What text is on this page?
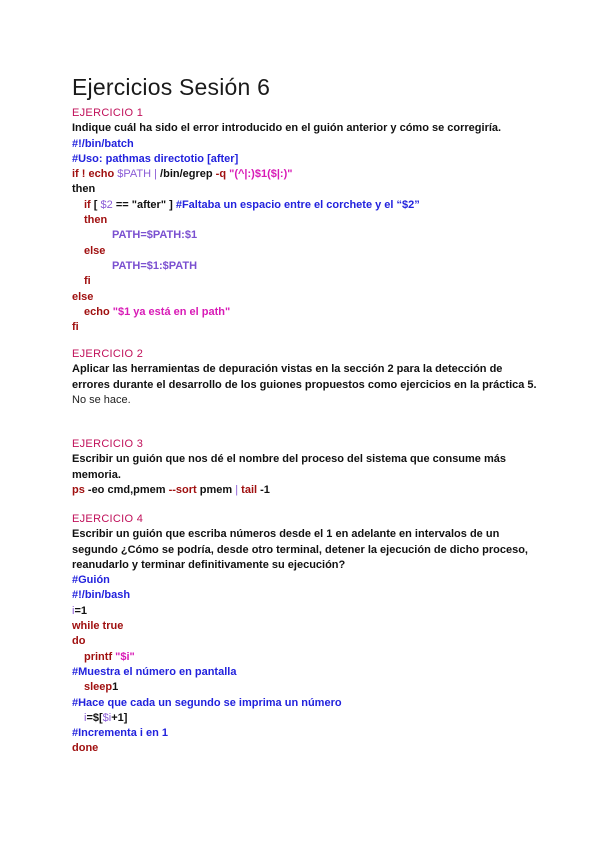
Ejercicios Sesión 6
EJERCICIO 1
Indique cuál ha sido el error introducido en el guión anterior y cómo se corregiría.
#!/bin/batch
#Uso: pathmas directotio [after]
if ! echo $PATH | /bin/egrep -q "(^|:)$1($|:)"
then
if [ $2 == "after" ] #Faltaba un espacio entre el corchete y el “$2”
then
PATH=$PATH:$1
else
PATH=$1:$PATH
fi
else
echo "$1 ya está en el path"
fi
EJERCICIO 2
Aplicar las herramientas de depuración vistas en la sección 2 para la detección de errores durante el desarrollo de los guiones propuestos como ejercicios en la práctica 5.
No se hace.
EJERCICIO 3
Escribir un guión que nos dé el nombre del proceso del sistema que consume más memoria.
ps -eo cmd,pmem --sort pmem | tail -1
EJERCICIO 4
Escribir un guión que escriba números desde el 1 en adelante en intervalos de un segundo ¿Cómo se podría, desde otro terminal, detener la ejecución de dicho proceso, reanudarlo y terminar definitivamente su ejecución?
#Guión
#!/bin/bash
i=1
while true
do
printf "$i"
#Muestra el número en pantalla
sleep1
#Hace que cada un segundo se imprima un número
i=$[$i+1]
#Incrementa i en 1
done
